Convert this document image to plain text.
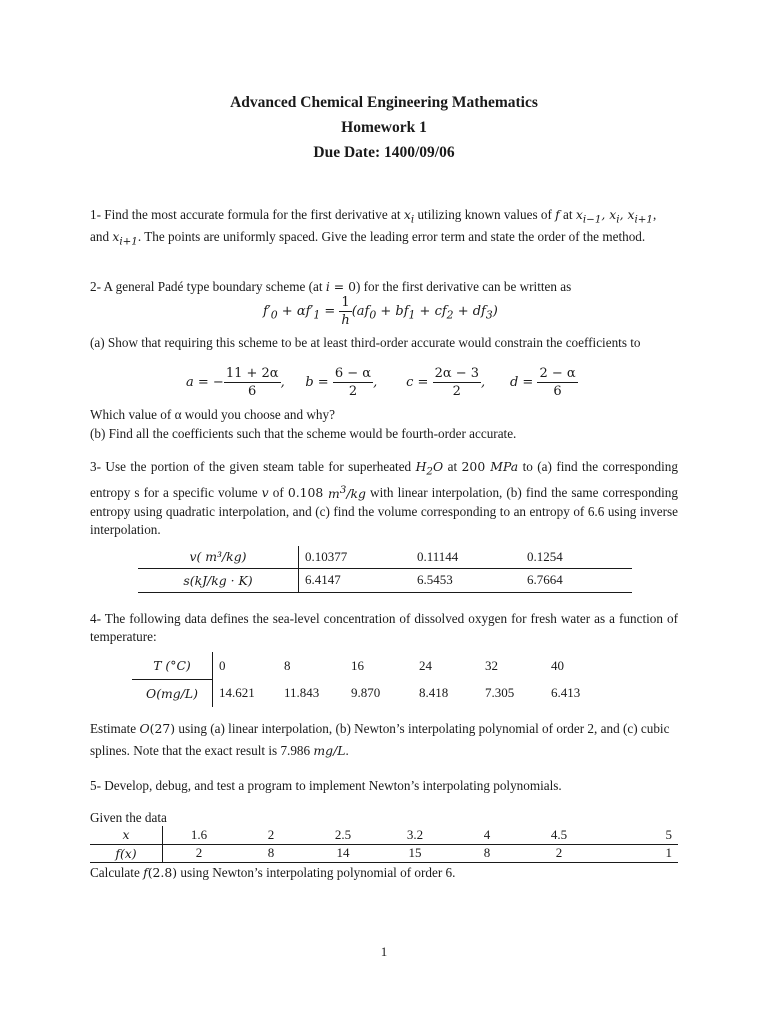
Advanced Chemical Engineering Mathematics
Homework 1
Due Date: 1400/09/06
1- Find the most accurate formula for the first derivative at $x_i$ utilizing known values of f at $x_{i-1}$, $x_i$, $x_{i+1}$, and $x_{i+1}$. The points are uniformly spaced. Give the leading error term and state the order of the method.
2- A general Padé type boundary scheme (at i = 0) for the first derivative can be written as
$f'_0 + \alpha f'_1 = \frac{1}{h} (af_0 + bf_1 + cf_2 + df_3)$
(a) Show that requiring this scheme to be at least third-order accurate would constrain the coefficients to
a = − $\frac{11 + 2\alpha}{6}$ ,     $b = \frac{6 - \alpha}{2}$ ,       $c = \frac{2\alpha - 3}{2}$ ,      $d = \frac{2 - \alpha}{6}$
Which value of α would you choose and why?
(b) Find all the coefficients such that the scheme would be fourth-order accurate.
3- Use the portion of the given steam table for superheated $H_2O$ at 200 MPa to (a) find the corresponding entropy s for a specific volume v of 0.108 $m^3/kg$ with linear interpolation, (b) find the same corresponding entropy using quadratic interpolation, and (c) find the volume corresponding to an entropy of 6.6 using inverse interpolation.
v( m³/kg)	0.10377	0.11144	0.1254
s(kJ/kg · K)	6.4147	6.5453	6.7664
4- The following data defines the sea-level concentration of dissolved oxygen for fresh water as a function of temperature:
T (°C)	0	8	16	24	32	40
O(mg/L)	14.621	11.843	9.870	8.418	7.305	6.413
Estimate O(27) using (a) linear interpolation, (b) Newton’s interpolating polynomial of order 2, and (c) cubic splines. Note that the exact result is 7.986 mg/L.
5- Develop, debug, and test a program to implement Newton’s interpolating polynomials.
Given the data
x	1.6	2	2.5	3.2	4	4.5	5
f(x)	2	8	14	15	8	2	1
Calculate f(2.8) using Newton’s interpolating polynomial of order 6.
1
